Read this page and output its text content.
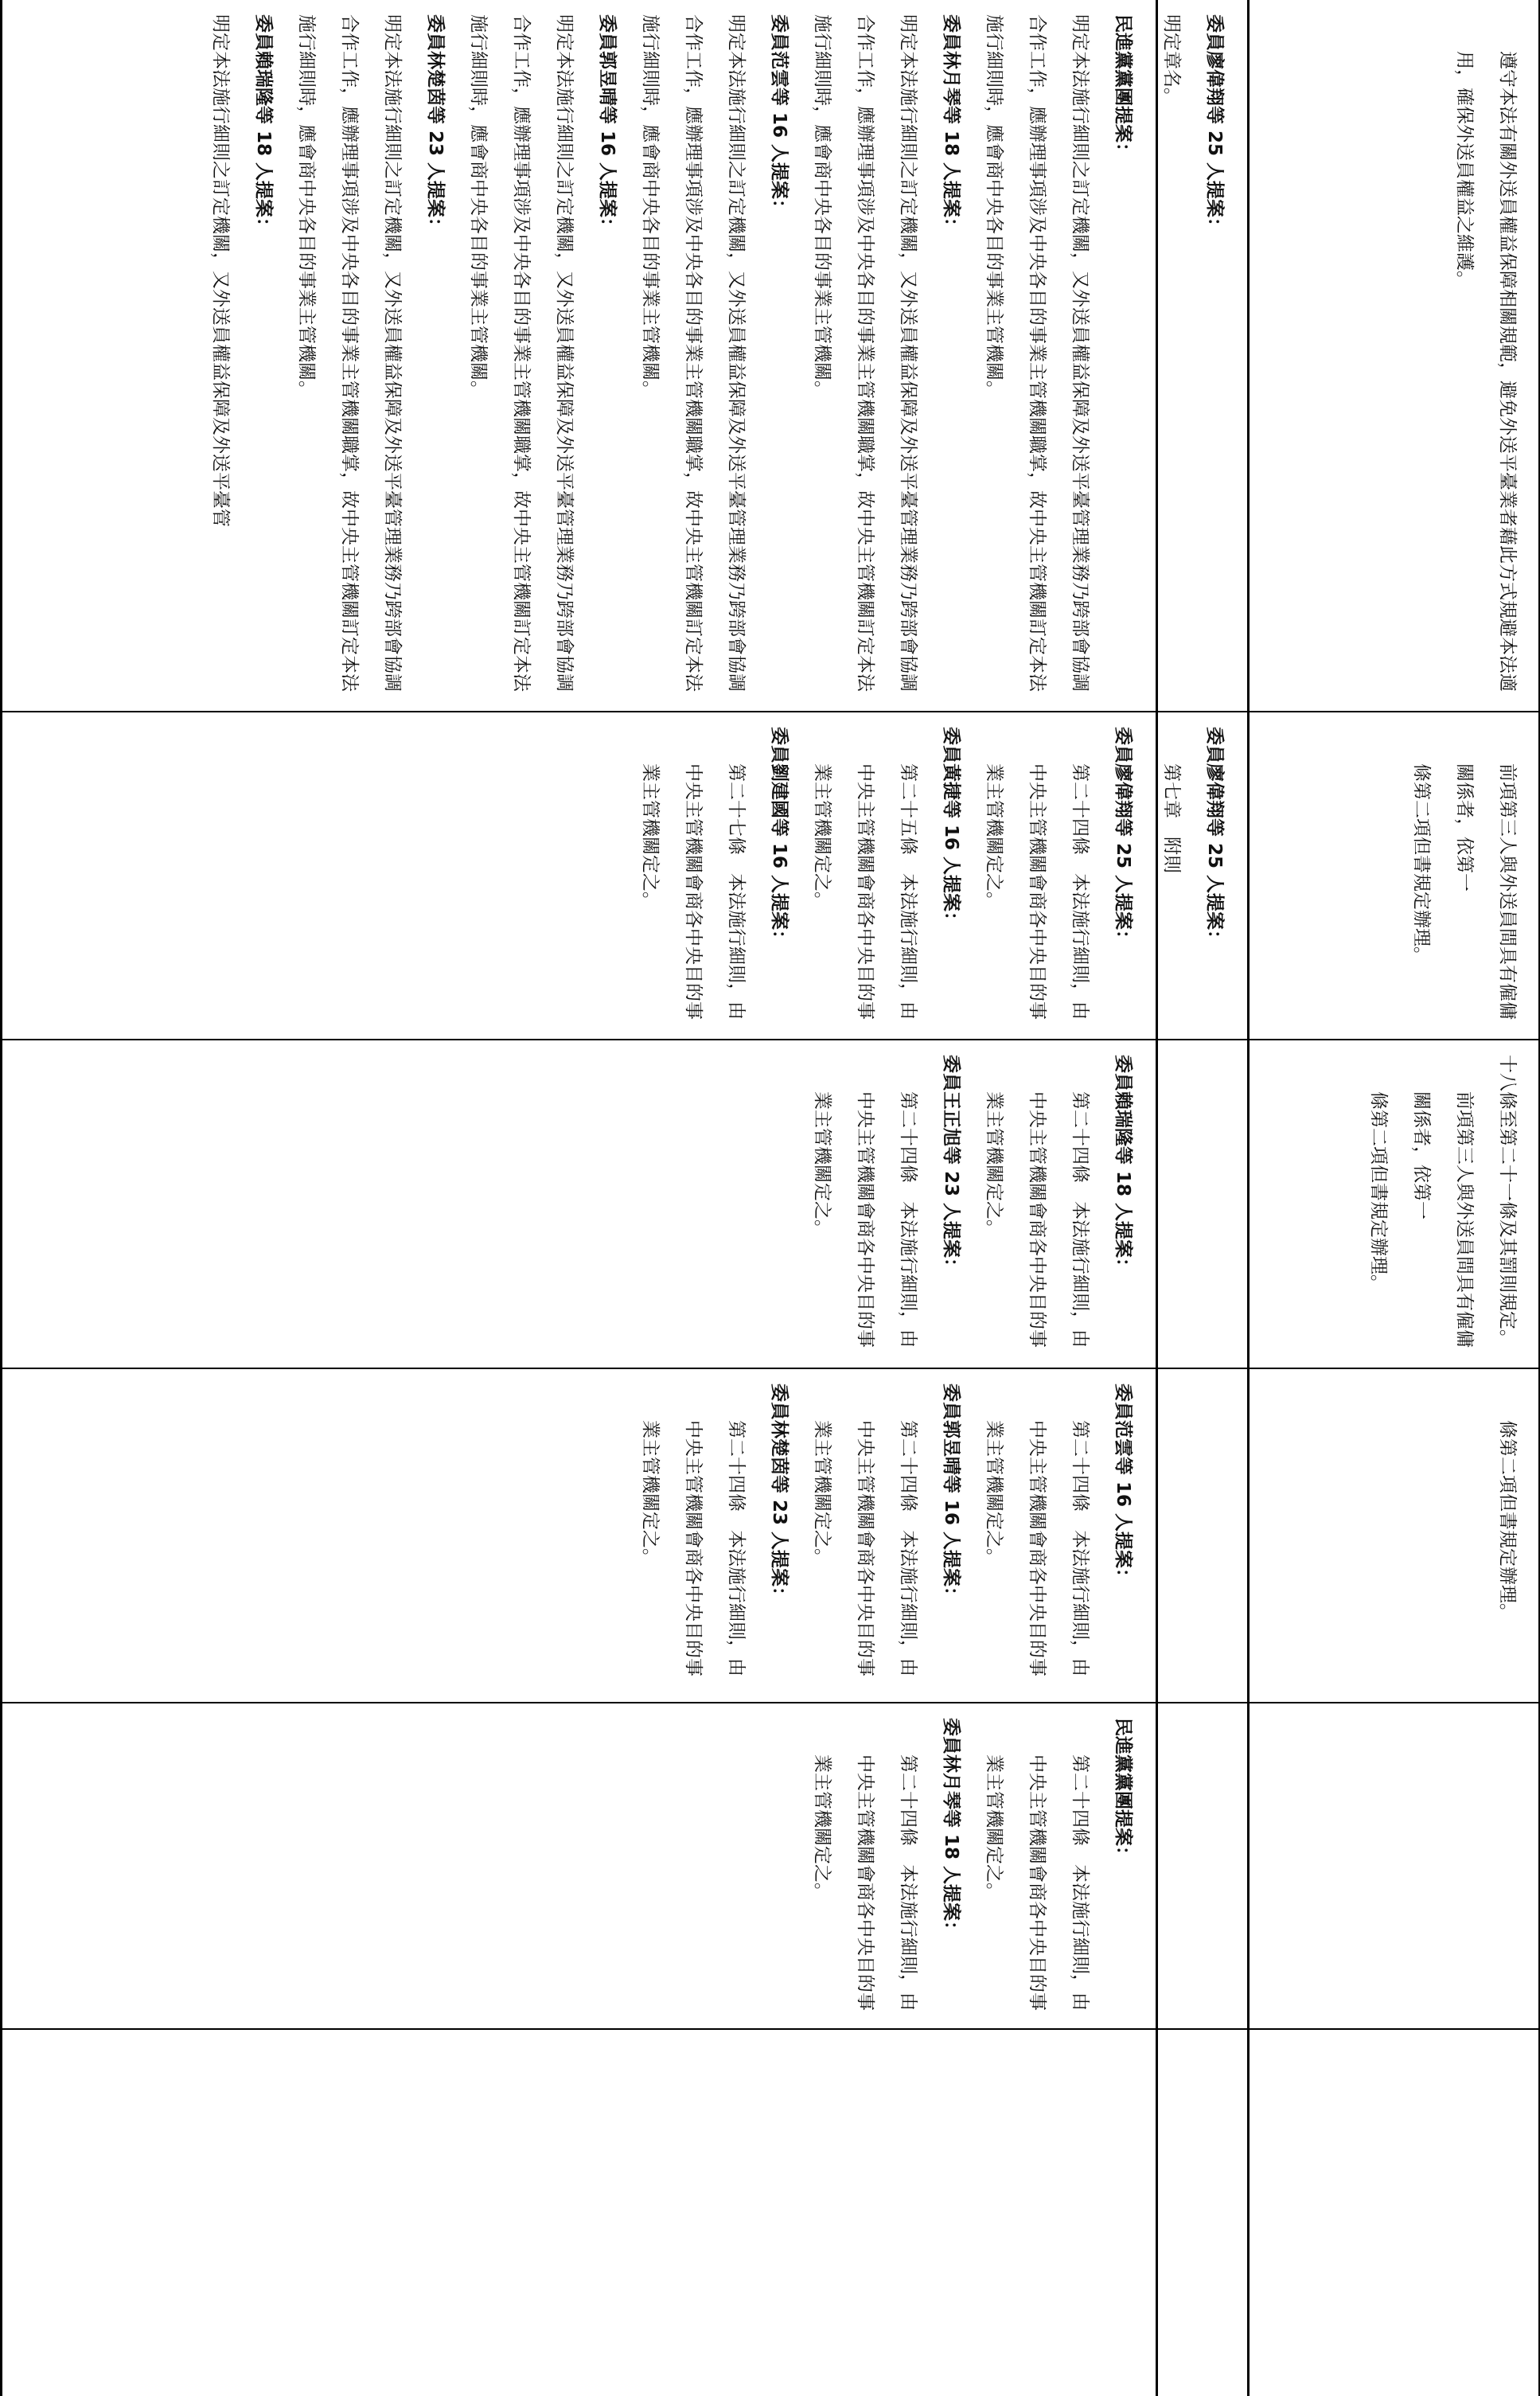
遵守本法有關外送員權益保障相關規範，避免外送平臺業者藉此方式規避本法適用，確保外送員權益之維護。

前項第三人與外送員間具有僱傭關係者，依第一

條第二項但書規定辦理。

十八條至第二十一條及其罰則規定。

前項第三人與外送員間具有僱傭關係者，依第一

條第二項但書規定辦理。

條第二項但書規定辦理。

委員廖偉翔等 25 人提案：

明定章名。

委員廖偉翔等 25 人提案：

第七章　附則

民進黨黨團提案：

明定本法施行細則之訂定機關，又外送員權益保障及外送平臺管理業務乃跨部會協調合作工作，應辦理事項涉及中央各目的事業主管機關職掌，故中央主管機關訂定本法施行細則時，應會商中央各目的事業主管機關。

委員林月琴等 18 人提案：

明定本法施行細則之訂定機關，又外送員權益保障及外送平臺管理業務乃跨部會協調合作工作，應辦理事項涉及中央各目的事業主管機關職掌，故中央主管機關訂定本法施行細則時，應會商中央各目的事業主管機關。

委員范雲等 16 人提案：

明定本法施行細則之訂定機關，又外送員權益保障及外送平臺管理業務乃跨部會協調合作工作，應辦理事項涉及中央各目的事業主管機關職掌，故中央主管機關訂定本法施行細則時，應會商中央各目的事業主管機關。

委員郭昱晴等 16 人提案：

明定本法施行細則之訂定機關，又外送員權益保障及外送平臺管理業務乃跨部會協調合作工作，應辦理事項涉及中央各目的事業主管機關職掌，故中央主管機關訂定本法施行細則時，應會商中央各目的事業主管機關。

委員林楚茵等 23 人提案：

明定本法施行細則之訂定機關，又外送員權益保障及外送平臺管理業務乃跨部會協調合作工作，應辦理事項涉及中央各目的事業主管機關職掌，故中央主管機關訂定本法施行細則時，應會商中央各目的事業主管機關。

委員賴瑞隆等 18 人提案：

明定本法施行細則之訂定機關，又外送員權益保障及外送平臺管

委員廖偉翔等 25 人提案：

第二十四條　本法施行細則，由中央主管機關會商各中央目的事業主管機關定之。

委員黃捷等 16 人提案：

第二十五條　本法施行細則，由中央主管機關會商各中央目的事業主管機關定之。

委員劉建國等 16 人提案：

第二十七條　本法施行細則，由中央主管機關會商各中央目的事業主管機關定之。

委員賴瑞隆等 18 人提案：

第二十四條　本法施行細則，由中央主管機關會商各中央目的事業主管機關定之。

委員王正旭等 23 人提案：

第二十四條　本法施行細則，由中央主管機關會商各中央目的事業主管機關定之。

委員范雲等 16 人提案：

第二十四條　本法施行細則，由中央主管機關會商各中央目的事業主管機關定之。

委員郭昱晴等 16 人提案：

第二十四條　本法施行細則，由中央主管機關會商各中央目的事業主管機關定之。

委員林楚茵等 23 人提案：

第二十四條　本法施行細則，由中央主管機關會商各中央目的事業主管機關定之。

民進黨黨團提案：

第二十四條　本法施行細則，由中央主管機關會商各中央目的事業主管機關定之。

委員林月琴等 18 人提案：

第二十四條　本法施行細則，由中央主管機關會商各中央目的事業主管機關定之。
